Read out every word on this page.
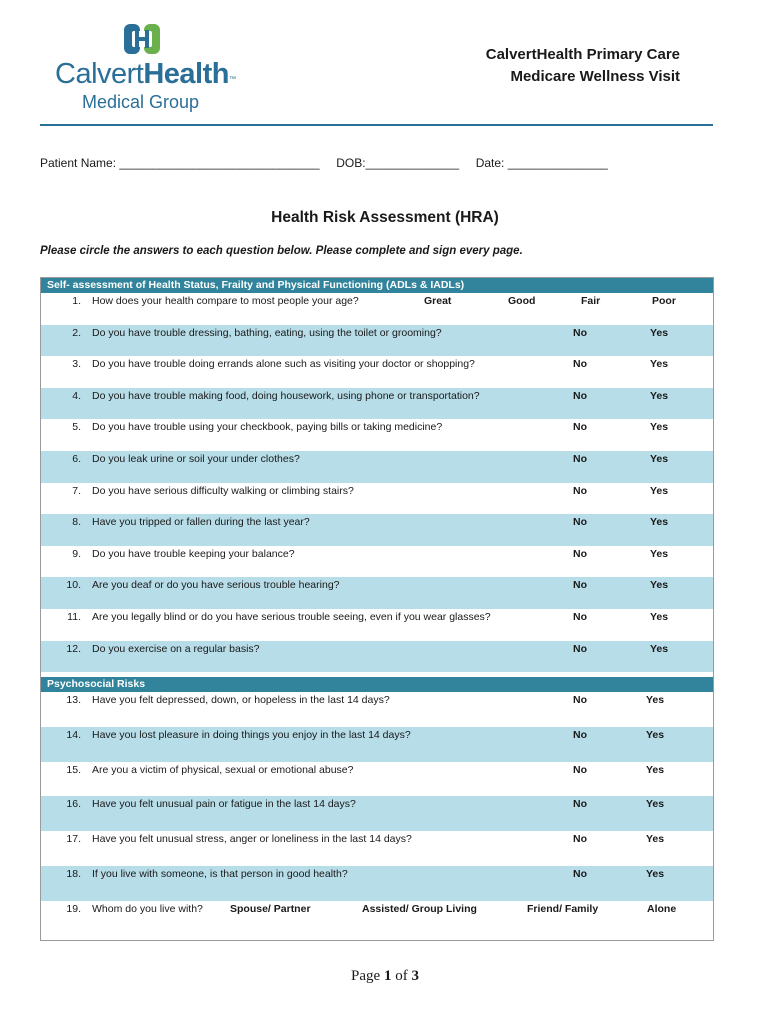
CalvertHealth™
Medical Group
CalvertHealth Primary Care
Medicare Wellness Visit
Patient Name: ______________________________     DOB:______________     Date: _______________
Health Risk Assessment (HRA)
Please circle the answers to each question below. Please complete and sign every page.
Self- assessment of Health Status, Frailty and Physical Functioning (ADLs & IADLs)
1. How does your health compare to most people your age?	Great	Good	Fair	Poor
2. Do you have trouble dressing, bathing, eating, using the toilet or grooming?	No	Yes
3. Do you have trouble doing errands alone such as visiting your doctor or shopping?	No	Yes
4. Do you have trouble making food, doing housework, using phone or transportation?	No	Yes
5. Do you have trouble using your checkbook, paying bills or taking medicine?	No	Yes
6. Do you leak urine or soil your under clothes?	No	Yes
7. Do you have serious difficulty walking or climbing stairs?	No	Yes
8. Have you tripped or fallen during the last year?	No	Yes
9. Do you have trouble keeping your balance?	No	Yes
10. Are you deaf or do you have serious trouble hearing?	No	Yes
11. Are you legally blind or do you have serious trouble seeing, even if you wear glasses?	No	Yes
12. Do you exercise on a regular basis?	No	Yes
Psychosocial Risks
13. Have you felt depressed, down, or hopeless in the last 14 days?	No	Yes
14. Have you lost pleasure in doing things you enjoy in the last 14 days?	No	Yes
15. Are you a victim of physical, sexual or emotional abuse?	No	Yes
16. Have you felt unusual pain or fatigue in the last 14 days?	No	Yes
17. Have you felt unusual stress, anger or loneliness in the last 14 days?	No	Yes
18. If you live with someone, is that person in good health?	No	Yes
19. Whom do you live with?	Spouse/ Partner	Assisted/ Group Living	Friend/ Family	Alone
Page 1 of 3
